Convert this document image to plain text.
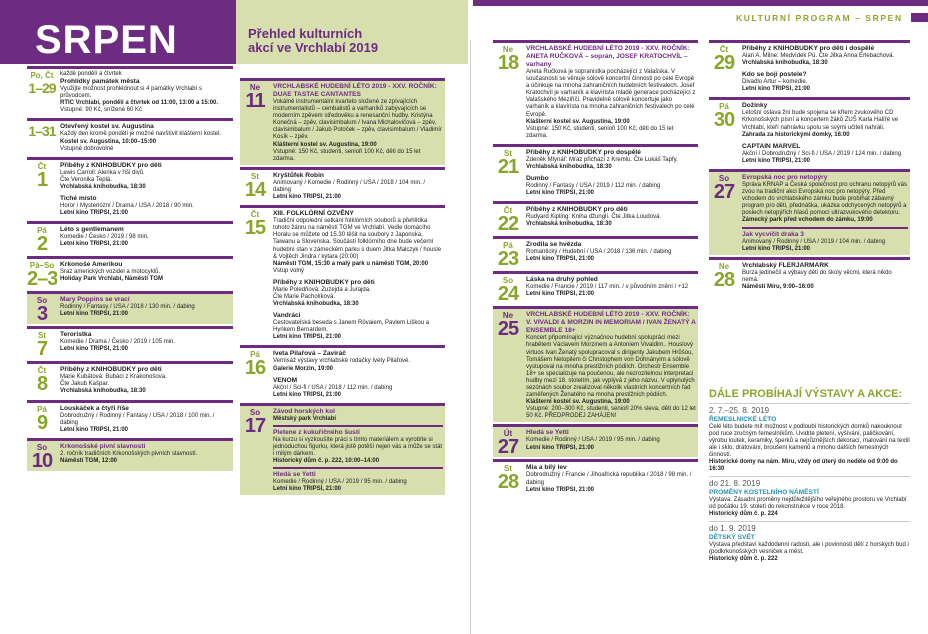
SRPEN	Přehled kulturních
akcí ve Vrchlabí 2019
KULTURNÍ PROGRAM – SRPEN
Po, Čt
1–29

každé pondělí a čtvrtek

Prohlídky památek města

Využijte možnost prohlédnout si 4 památky Vrchlabí s průvodcem.

RTIC Vrchlabí, pondělí a čtvrtek od 11:00, 13:00 a 15:00.

Vstupné: 90 Kč, snížené 60 Kč

1–31 Otevřený kostel sv. Augustina

Každý den kromě pondělí je možné navštívit klášterní kostel.

Kostel sv. Augustina, 10:00–15:00

Vstupné dobrovolné

Čt
1

Příběhy z KNIHOBUDKY pro děti

Lewis Carroll: Alenka v říši divů.

Čte Veronika Teplá.

Vrchlabská knihobudka, 18:30

Tiché místo

Horor / Mysteriózní / Drama / USA / 2018 / 90 min.

Letní kino TRIPSI, 21:00

Pá
2

Léto s gentlemanem

Komedie / Česko / 2019 / 98 min.

Letní kino TRIPSI, 21:00

Pá–So
2–3

Krkonoše Amerikou

Sraz amerických vozidel a motocyklů.

Holiday Park Vrchlabí, Náměstí TGM

So
3

Mary Poppins se vrací

Rodinný / Fantasy / USA / 2018 / 130 min. / dabing

Letní kino TRIPSI, 21:00

St
7

Teroristka

Komedie / Drama / Česko / 2019 / 105 min.

Letní kino TRIPSI, 21:00

Čt
8

Příběhy z KNIHOBUDKY pro děti

Marie Kubátová: Bubáci z Krakonošova.

Čte Jakub Kašpar.

Vrchlabská knihobudka, 18:30

Pá
9

Louskáček a čtyři říše

Dobrodružný / Rodinný / Fantasy / USA / 2018 / 100 min. / dabing

Letní kino TRIPSI, 21:00

So
10

Krkonošské pivní slavnosti

2. ročník tradičních Krkonošských pivních slavností.

Náměstí TGM, 12:00

Ne
11

VRCHLABSKÉ HUDEBNÍ LÉTO 2019 - XXV. ROČNÍK: DUAE TASTAE CANTANTES

Vokálně instrumentální kvarteto složené ze zpívajících instrumentalistů – cembalistů a varhaníků zabývajících se moderním zpěvem středověku a renesanční hudby. Kristýna Konečná – zpěv, clavisimbalum / Ivana Michalovičová – zpěv, clavisimbalum / Jakub Potoček – zpěv, clavisimbalum / Vladimír Kosík – zpěv.

Klášterní kostel sv. Augustina, 19:00

Vstupné: 150 Kč, studenti, senioři 100 Kč, děti do 15 let zdarma.

St
14

Kryštůfek Robin

Animovaný / Komedie / Rodinný / USA / 2018 / 104 min. / dabing

Letní kino TRIPSI, 21:00

Čt
15

XIII. FOLKLÓRNÍ OZVĚNY

Tradiční odpolední setkání folklórních souborů a přehlídka tohoto žánru na náměstí TGM ve Vrchlabí. Vedle domácího Horalu se můžete od 15.30 těšit na soubory z Japonska, Taiwanu a Slovenska. Součástí folklórního dne bude večerní hudební stan v zámeckém parku s duem Jitka Malczyk / housle & Vojtěch Jindra / kytara (20:00)

Náměstí TGM, 15:30 a malý park u náměstí TGM, 20:00

Vstup volný

Příběhy z KNIHOBUDKY pro děti

Marie Poledňová: Zuzejda a Jurajda.

Čte Marie Pacholíková.

Vrchlabská knihobudka, 18:30

Vandráci

Cestovatelská beseda s Janem Rövaiem, Pavlem Liškou a Hynkem Bernardem.

Letní kino TRIPSI, 21:00

Pá
16

Iveta Pilařová – Zaviráč

Vernisáž výstavy vrchlabské rodačky Ivety Pilařové.

Galerie Morzin, 19:00

VENOM

Akční / Sci-fi / USA / 2018 / 112 min. / dabing

Letní kino TRIPSI, 21:00

So
17

Závod horských kol

Městský park Vrchlabí

Pletene z kukuřičného šustí

Na kurzu si vyzkoušíte práci s tímto materiálem a vyrobíte si jednoduchou figurku, která jistě potěší nejen vás a může se stát i milým dárkem.

Historický dům č. p. 222, 10:00–14:00

Hledá se Yetti

Komedie / Rodinný / USA / 2019 / 95 min. / dabing

Letní kino TRIPSI, 21:00

Ne
18

VRCHLABSKÉ HUDEBNÍ LÉTO 2019 - XXV. ROČNÍK: ANETA RUČKOVÁ – soprán, JOSEF KRATOCHVÍL – varhany

Aneta Ručková je sopranistka pocházející z Valašska. V současnosti se věnuje sólové koncertní činnosti po celé Evropě a účinkuje na mnoha zahraničních hudebních festivalech. Josef Kratochvíl je varhaník a klavírista mladé generace pocházející z Valašského Meziříčí. Pravidelně sólově koncertuje jako varhaník a klavírista na mnoha zahraničních festivalech po celé Evropě.

Klášterní kostel sv. Augustina, 19:00

Vstupné: 150 Kč, studenti, senioři 100 Kč, děti do 15 let zdarma.

St
21

Příběhy z KNIHOBUDKY pro dospělé

Zdeněk Mlynář: Mráz přichází z Kremlu. Čte Lukáš Tapfy.

Vrchlabská knihobudka, 18:30

Dumbo

Rodinný / Fantasy / USA / 2019 / 112 min. / dabing

Letní kino TRIPSI, 21:00

Čt
22

Příběhy z KNIHOBUDKY pro děti

Rudyard Kipling: Kniha džunglí. Čte Jitka Loudová.

Vrchlabská knihobudka, 18:30

Pá
23

Zrodila se hvězda

Romantický / Hudební / USA / 2018 / 136 min. / dabing

Letní kino TRIPSI, 21:00

So
24

Láska na druhý pohled

Komedie / Francie / 2019 / 117 min. / v původním znění / +12

Letní kino TRIPSI, 21:00

Ne
25

VRCHLABSKÉ HUDEBNÍ LÉTO 2019 - XXV. ROČNÍK: V. VIVALDI & MORZIN IN MEMORIAM / IVAN ŽENATÝ A ENSEMBLE 18+

Koncert připomínající význačnou hudební spolupráci mezi hrabětem Václavem Morzinem a Antoniem Vivaldim.. Houslový virtuos Ivan Ženatý spolupracoval s dirigenty Jakubem Hrůšou, Tomášem Netopilem či Christophem von Dohnányim a sólově vystupoval na mnoha prestižních pódiích. Orchestr Ensemble 18+ se specializuje na poučenou, ale nezrozitelnou interpretaci hudby mezi 18. stoletím, jak vyplývá z jeho názvu. V uplynulých sezónách soubor zrealizoval několik vlastních koncertních řad zaměřených Ženatého na mnoha prestižních pódiích.

Klášterní kostel sv. Augustina, 19:00

Vstupné: 200–300 Kč, studenti, senioři 20% sleva, děti do 12 let 50 Kč. PŘEDPRODEJ ZAHÁJEN!

Út
27

Hledá se Yetti

Komedie / Rodinný / USA / 2019 / 95 min. / dabing

Letní kino TRIPSI, 21:00

St
28

Mia a bílý lev

Dobrodružný / Francie / Jihoafrická republika / 2018 / 98 min. / dabing

Letní kino TRIPSI, 21:00

Čt
29

Příběhy z KNIHOBUDKY pro děti i dospělé

Alan A. Milne: Medvídek Pú. Čte Jitka Anna Erlebachová.

Vrchlabská knihobudka, 18:30

Kdo se bojí postele?

Divadlo Artur – komedie.

Letní kino TRIPSI, 21:00

Pá
30

Dožínky

Letošní oslava žní bude spojena se křtem zvukového CD Krkonošských písní a koncertem žáků ZUŠ Karla Halíře ve Vrchlabí, kteří nahrávku spolu se svými učiteli nahráli.

Zahrada za historickými domky, 16:00

CAPTAIN MARVEL

Akční / Dobrodružný / Sci-fi / USA / 2019 / 124 min. / dabing

Letní kino TRIPSI, 21:00

So
27

Evropská noc pro netopýry

Správa KRNAP a Česká společnost pro ochranu netopýrů vás zvou na tradiční akci Evropská noc pro netopýry. Před vchodem do vrchlabského zámku bude probíhat zábavný program pro děti, přednáška, ukázka odchycených netopýrů a poslech netopýřích hlasů pomocí ultrazvukového detektoru.

Zámecký park před vchodem do zámku, 19:00

Jak vycvičit draka 3

Animovaný / Rodinný / USA / 2019 / 104 min. / dabing

Letní kino TRIPSI, 21:00

Ne
28

Vrchlabský FLERJARMARK

Burza jedinečií a výbavy děti do školy věcmi, která nikdo nemá.

Náměstí Míru, 9:00–16:00

DÁLE PROBÍHAJÍ VÝSTAVY A AKCE:
2. 7.–25. 8. 2019
ŘEMESLNICKÉ LÉTO
Celé léto budete mít možnost v podloubí historických domků nakouknout pod ruce zručným řemeslníkům. Uvidíte pletení, vyšívání, paličkování, výrobu loutek, keramiky, šperků a nejrůznějších dekorací, malování na textil ale i sklo, drátování, broušení kamenů a mnoho dalších řemeslných činností.
Historické domy na nám. Míru, vždy od úterý do neděle od 9:00 do 16:30
do 21. 8. 2019
PROMĚNY KOSTELNÍHO NÁMĚSTÍ
Výstava. Zásadní proměny nejdůležitějšího veřejného prostoru ve Vrchlabí od počátku 19. století do rekonstrukce v roce 2018.
Historický dům č. p. 224
do 1. 9. 2019
DĚTSKÝ SVĚT
Výstava představí každodenní radosti, ale i povinnosti dětí z horských bud i (podkrkonošských vesniček a měst.
Historický dům č. p. 222
